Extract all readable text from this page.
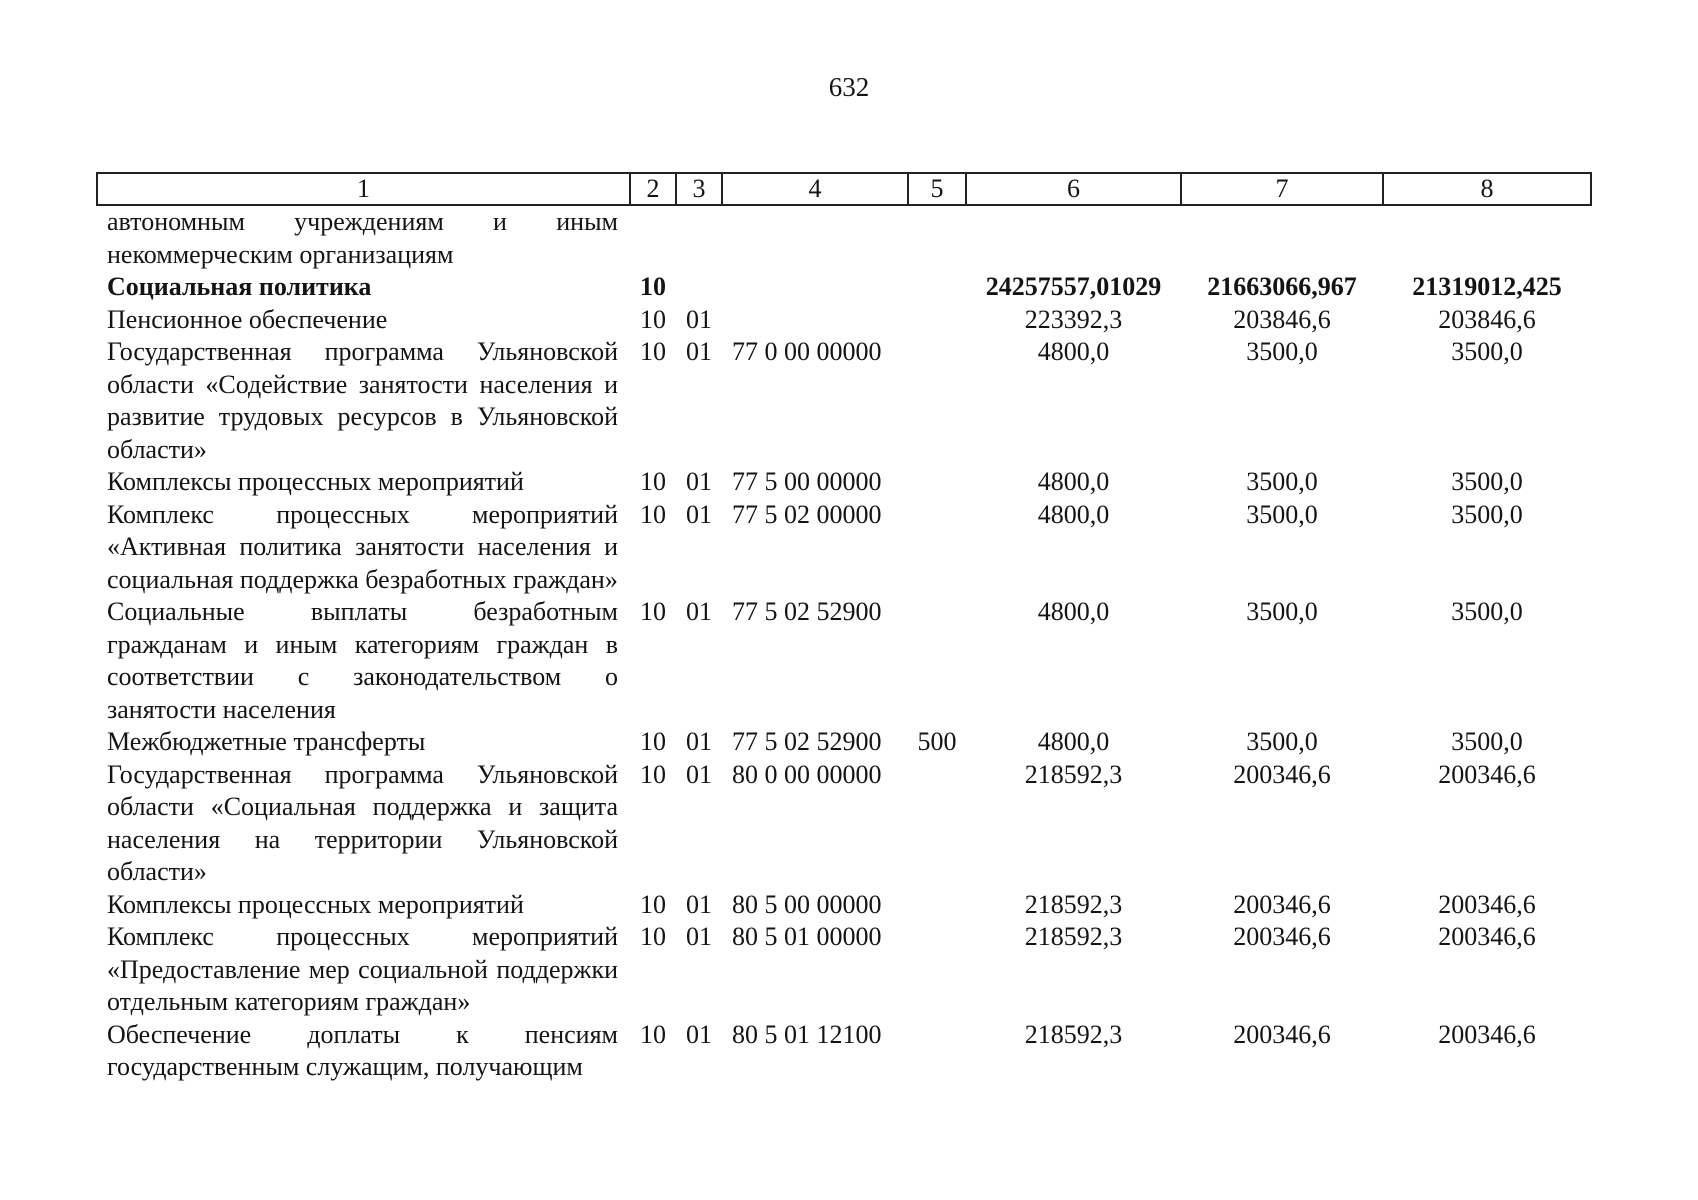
632
1	2	3	4	5	6	7	8
автономным учреждениям и иным некоммерческим организациям							
Социальная политика	10				24257557,01029	21663066,967	21319012,425
Пенсионное обеспечение	10	01			223392,3	203846,6	203846,6
Государственная программа Ульяновской области «Содействие занятости населения и развитие трудовых ресурсов в Ульяновской области»	10	01	77 0 00 00000		4800,0	3500,0	3500,0
Комплексы процессных мероприятий	10	01	77 5 00 00000		4800,0	3500,0	3500,0
Комплекс процессных мероприятий «Активная политика занятости населения и социальная поддержка безработных граждан»	10	01	77 5 02 00000		4800,0	3500,0	3500,0
Социальные выплаты безработным гражданам и иным категориям граждан в соответствии с законодательством о занятости населения	10	01	77 5 02 52900		4800,0	3500,0	3500,0
Межбюджетные трансферты	10	01	77 5 02 52900	500	4800,0	3500,0	3500,0
Государственная программа Ульяновской области «Социальная поддержка и защита населения на территории Ульяновской области»	10	01	80 0 00 00000		218592,3	200346,6	200346,6
Комплексы процессных мероприятий	10	01	80 5 00 00000		218592,3	200346,6	200346,6
Комплекс процессных мероприятий «Предоставление мер социальной поддержки отдельным категориям граждан»	10	01	80 5 01 00000		218592,3	200346,6	200346,6
Обеспечение доплаты к пенсиям государственным служащим, получающим	10	01	80 5 01 12100		218592,3	200346,6	200346,6
